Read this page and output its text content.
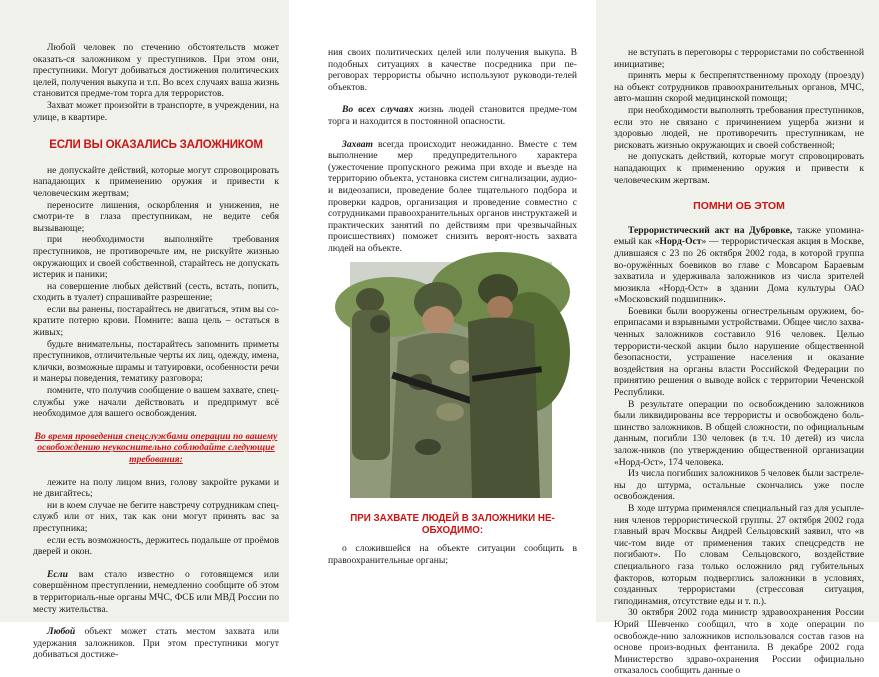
Любой человек по стечению обстоятельств может оказать-ся заложником у преступников. При этом они, преступники. Могут добиваться достижения политических целей, получения выкупа и т.п. Во всех случаях ваша жизнь становится предме-том торга для террористов.

Захват может произойти в транспорте, в учреждении, на улице, в квартире.

ЕСЛИ ВЫ ОКАЗАЛИСЬ ЗАЛОЖНИКОМ

не допускайте действий, которые могут спровоцировать нападающих к применению оружия и привести к человеческим жертвам;

переносите лишения, оскорбления и унижения, не смотри-те в глаза преступникам, не ведите себя вызывающе;

при необходимости выполняйте требования преступников, не противоречьте им, не рискуйте жизнью окружающих и своей собственной, старайтесь не допускать истерик и паники;

на совершение любых действий (сесть, встать, попить, сходить в туалет) спрашивайте разрешение;

если вы ранены, постарайтесь не двигаться, этим вы со-кратите потерю крови. Помните: ваша цель – остаться в живых;

будьте внимательны, постарайтесь запомнить приметы преступников, отличительные черты их лиц, одежду, имена, клички, возможные шрамы и татуировки, особенности речи и манеры поведения, тематику разговора;

помните, что получив сообщение о вашем захвате, спец-службы уже начали действовать и предпримут всё необходимое для вашего освобождения.

Во время проведения спецслужбами операции по вашему освобождению неукоснительно соблюдайте следующие требования:

лежите на полу лицом вниз, голову закройте руками и не двигайтесь;

ни в коем случае не бегите навстречу сотрудникам спец-служб или от них, так как они могут принять вас за преступника;

если есть возможность, держитесь подальше от проёмов дверей и окон.

Если вам стало известно о готовящемся или совершённом преступлении, немедленно сообщите об этом в территориаль-ные органы МЧС, ФСБ или МВД России по месту жительства.

Любой объект может стать местом захвата или удержания заложников. При этом преступники могут добиваться достиже-

ния своих политических целей или получения выкупа. В подобных ситуациях в качестве посредника при пе-реговорах террористы обычно используют руководи-телей объектов.

Во всех случаях жизнь людей становится предме-том торга и находится в постоянной опасности.

Захват всегда происходит неожиданно. Вместе с тем выполнение мер предупредительного характера (ужесточение пропускного режима при входе и въезде на территорию объекта, установка систем сигнализации, аудио- и видеозаписи, проведение более тщательного подбора и проверки кадров, организация и проведение совместно с сотрудниками правоохранительных органов инструктажей и практических занятий по действиям при чрезвычайных происшествиях) поможет снизить вероят-ность захвата людей на объекте.

ПРИ ЗАХВАТЕ ЛЮДЕЙ В ЗАЛОЖНИКИ НЕ-ОБХОДИМО:

о сложившейся на объекте ситуации сообщить в правоохранительные органы;

не вступать в переговоры с террористами по собственной инициативе;

принять меры к беспрепятственному проходу (проезду) на объект сотрудников правоохранительных органов, МЧС, авто-машин скорой медицинской помощи;

при необходимости выполнять требования преступников, если это не связано с причинением ущерба жизни и здоровью людей, не противоречить преступникам, не рисковать жизнью окружающих и своей собственной;

не допускать действий, которые могут спровоцировать нападающих к применению оружия и привести к человеческим жертвам.

ПОМНИ ОБ ЭТОМ

Террористический акт на Дубровке, также упомина-емый как «Норд-Ост» — террористическая акция в Москве, длившаяся с 23 по 26 октября 2002 года, в которой группа во-оружённых боевиков во главе с Мовсаром Бараевым захватила и удерживала заложников из числа зрителей мюзикла «Норд-Ост» в здании Дома культуры ОАО «Московский подшипник».

Боевики были вооружены огнестрельным оружием, бо-еприпасами и взрывными устройствами. Общее число захва-ченных заложников составило 916 человек. Целью террористи-ческой акции было нарушение общественной безопасности, устрашение населения и оказание воздействия на органы власти Российской Федерации по принятию решения о выводе войск с территории Чеченской Республики.

В результате операции по освобождению заложников были ликвидированы все террористы и освобождено боль-шинство заложников. В общей сложности, по официальным данным, погибли 130 человек (в т.ч. 10 детей) из числа залож-ников (по утверждению общественной организации «Норд-Ост», 174 человека.

Из числа погибших заложников 5 человек были застреле-ны до штурма, остальные скончались уже после освобождения.

В ходе штурма применялся специальный газ для усыпле-ния членов террористической группы. 27 октября 2002 года главный врач Москвы Андрей Сельцовский заявил, что «в чис-том виде от применения таких спецсредств не погибают». По словам Сельцовского, воздействие специального газа только осложнило ряд губительных факторов, которым подверглись заложники в условиях, созданных террористами (стрессовая ситуация, гиподинамия, отсутствие еды и т. п.).

30 октября 2002 года министр здравоохранения России Юрий Шевченко сообщил, что в ходе операции по освобожде-нию заложников использовался состав газов на основе произ-водных фентанила. В декабре 2002 года Министерство здраво-охранения России официально отказалось сообщить данные о
